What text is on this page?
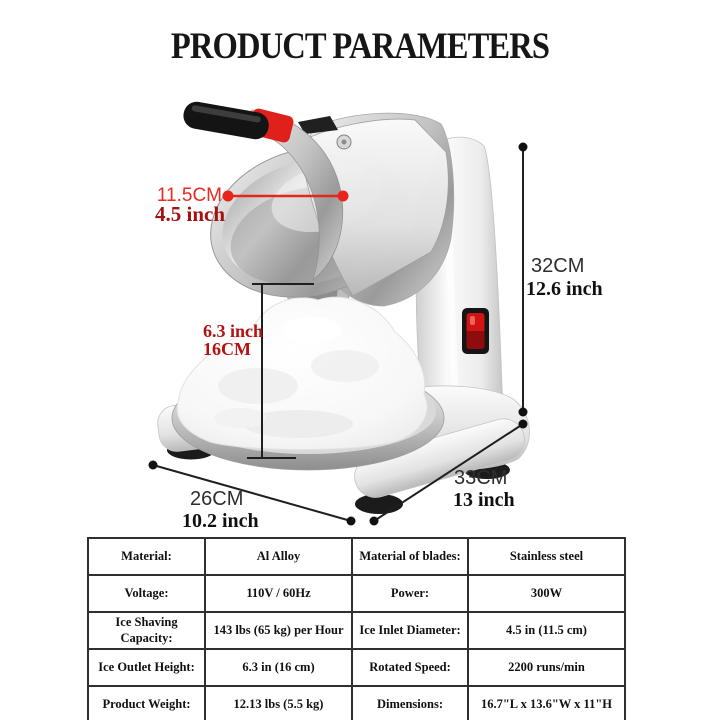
PRODUCT PARAMETERS
11.5CM
4.5 inch
6.3 inch
16CM
32CM
12.6 inch
26CM
10.2 inch
33CM
13 inch
Material:	Al Alloy	Material of blades:	Stainless steel
Voltage:	110V / 60Hz	Power:	300W
Ice Shaving Capacity:	143 lbs (65 kg) per Hour	Ice Inlet Diameter:	4.5 in (11.5 cm)
Ice Outlet Height:	6.3 in (16 cm)	Rotated Speed:	2200 runs/min
Product Weight:	12.13 lbs (5.5 kg)	Dimensions:	16.7"L x 13.6"W x 11"H
